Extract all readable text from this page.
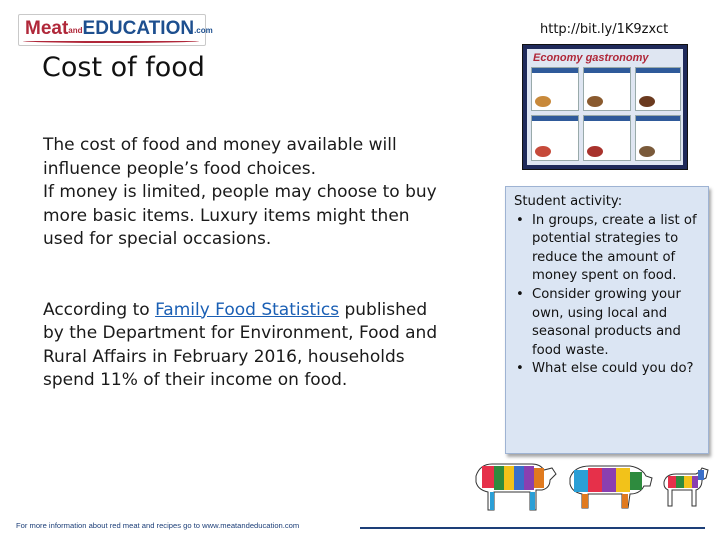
$Meat^{and}EDUCATION^{.com}$	http://bit.ly/1K9zxct
Cost of food

The cost of food and money available will influence people’s food choices.

If money is limited, people may choose to buy more basic items. Luxury items might then used for special occasions.

According to Family Food Statistics published by the Department for Environment, Food and Rural Affairs in February 2016, households spend 11% of their income on food.

Economy gastronomy
Student activity:
• In groups, create a list of potential strategies to reduce the amount of money spent on food.
• Consider growing your own, using local and seasonal products and food waste.
• What else could you do?
For more information about red meat and recipes go to www.meatandeducation.com
